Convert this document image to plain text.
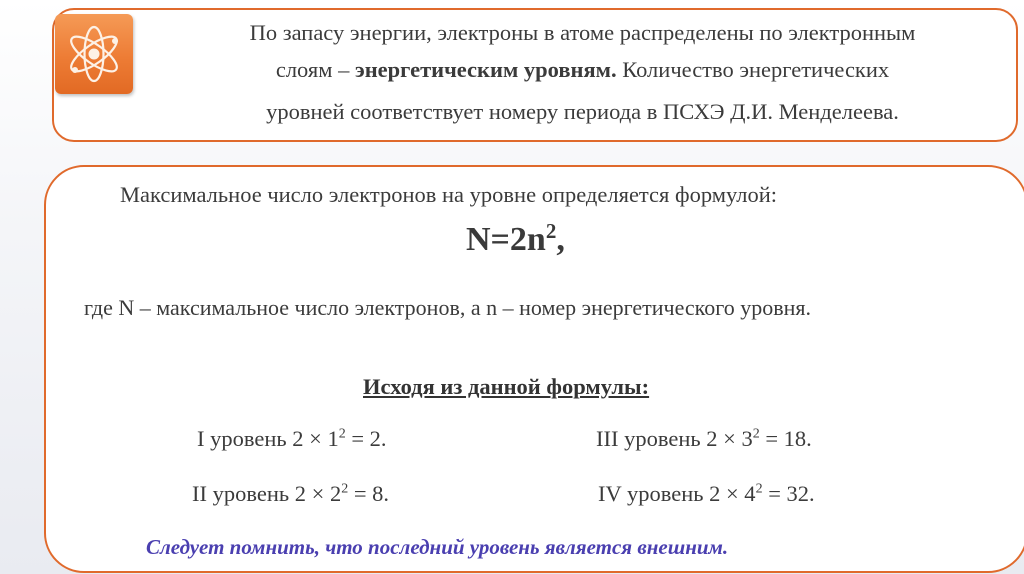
По запасу энергии, электроны в атоме распределены по электронным
слоям – энергетическим уровням. Количество энергетических
уровней соответствует номеру периода в ПСХЭ Д.И. Менделеева.
Максимальное число электронов на уровне определяется формулой:
$N=2n^2$,
где N – максимальное число электронов, а n – номер энергетического уровня.
Исходя из данной формулы:
I уровень $2 \times 1^2 = 2$.	III уровень $2 \times 3^2 = 18$.
II уровень $2 \times 2^2 = 8$.	IV уровень $2 \times 4^2 = 32$.
Следует помнить, что последний уровень является внешним.
